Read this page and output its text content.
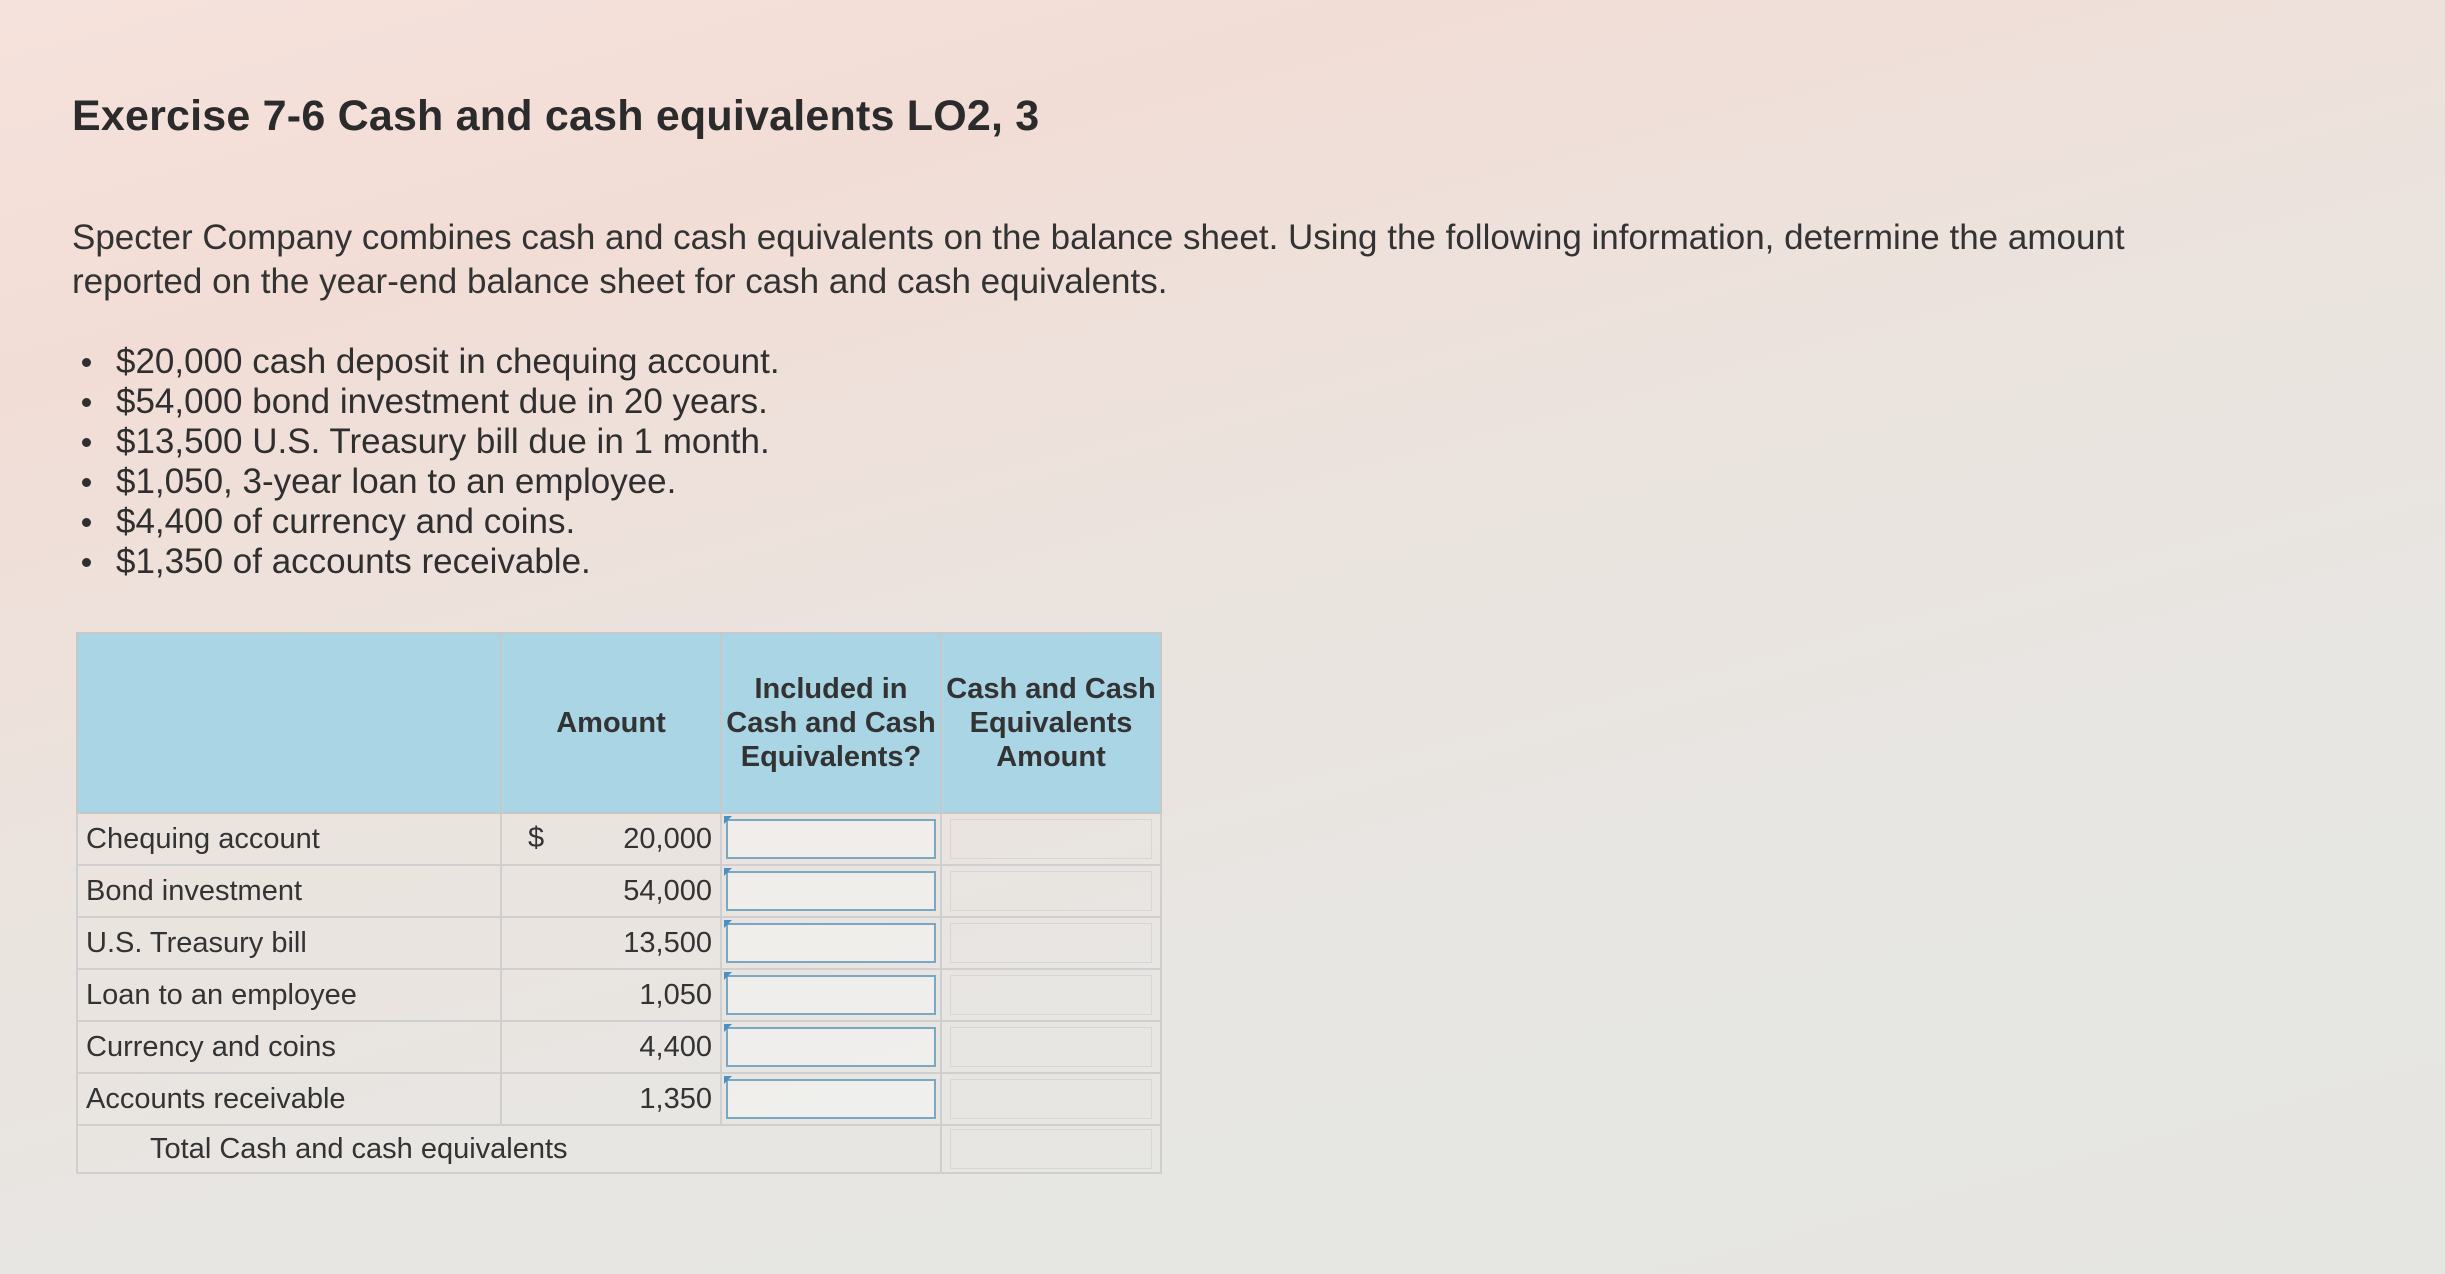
Exercise 7-6 Cash and cash equivalents LO2, 3
Specter Company combines cash and cash equivalents on the balance sheet. Using the following information, determine the amount reported on the year-end balance sheet for cash and cash equivalents.
$20,000 cash deposit in chequing account.
$54,000 bond investment due in 20 years.
$13,500 U.S. Treasury bill due in 1 month.
$1,050, 3-year loan to an employee.
$4,400 of currency and coins.
$1,350 of accounts receivable.
	Amount	Included in Cash and Cash Equivalents?	Cash and Cash Equivalents Amount
Chequing account	$ 20,000	

Bond investment	54,000	

U.S. Treasury bill	13,500	

Loan to an employee	1,050	

Currency and coins	4,400	

Accounts receivable	1,350	

Total Cash and cash equivalents			
